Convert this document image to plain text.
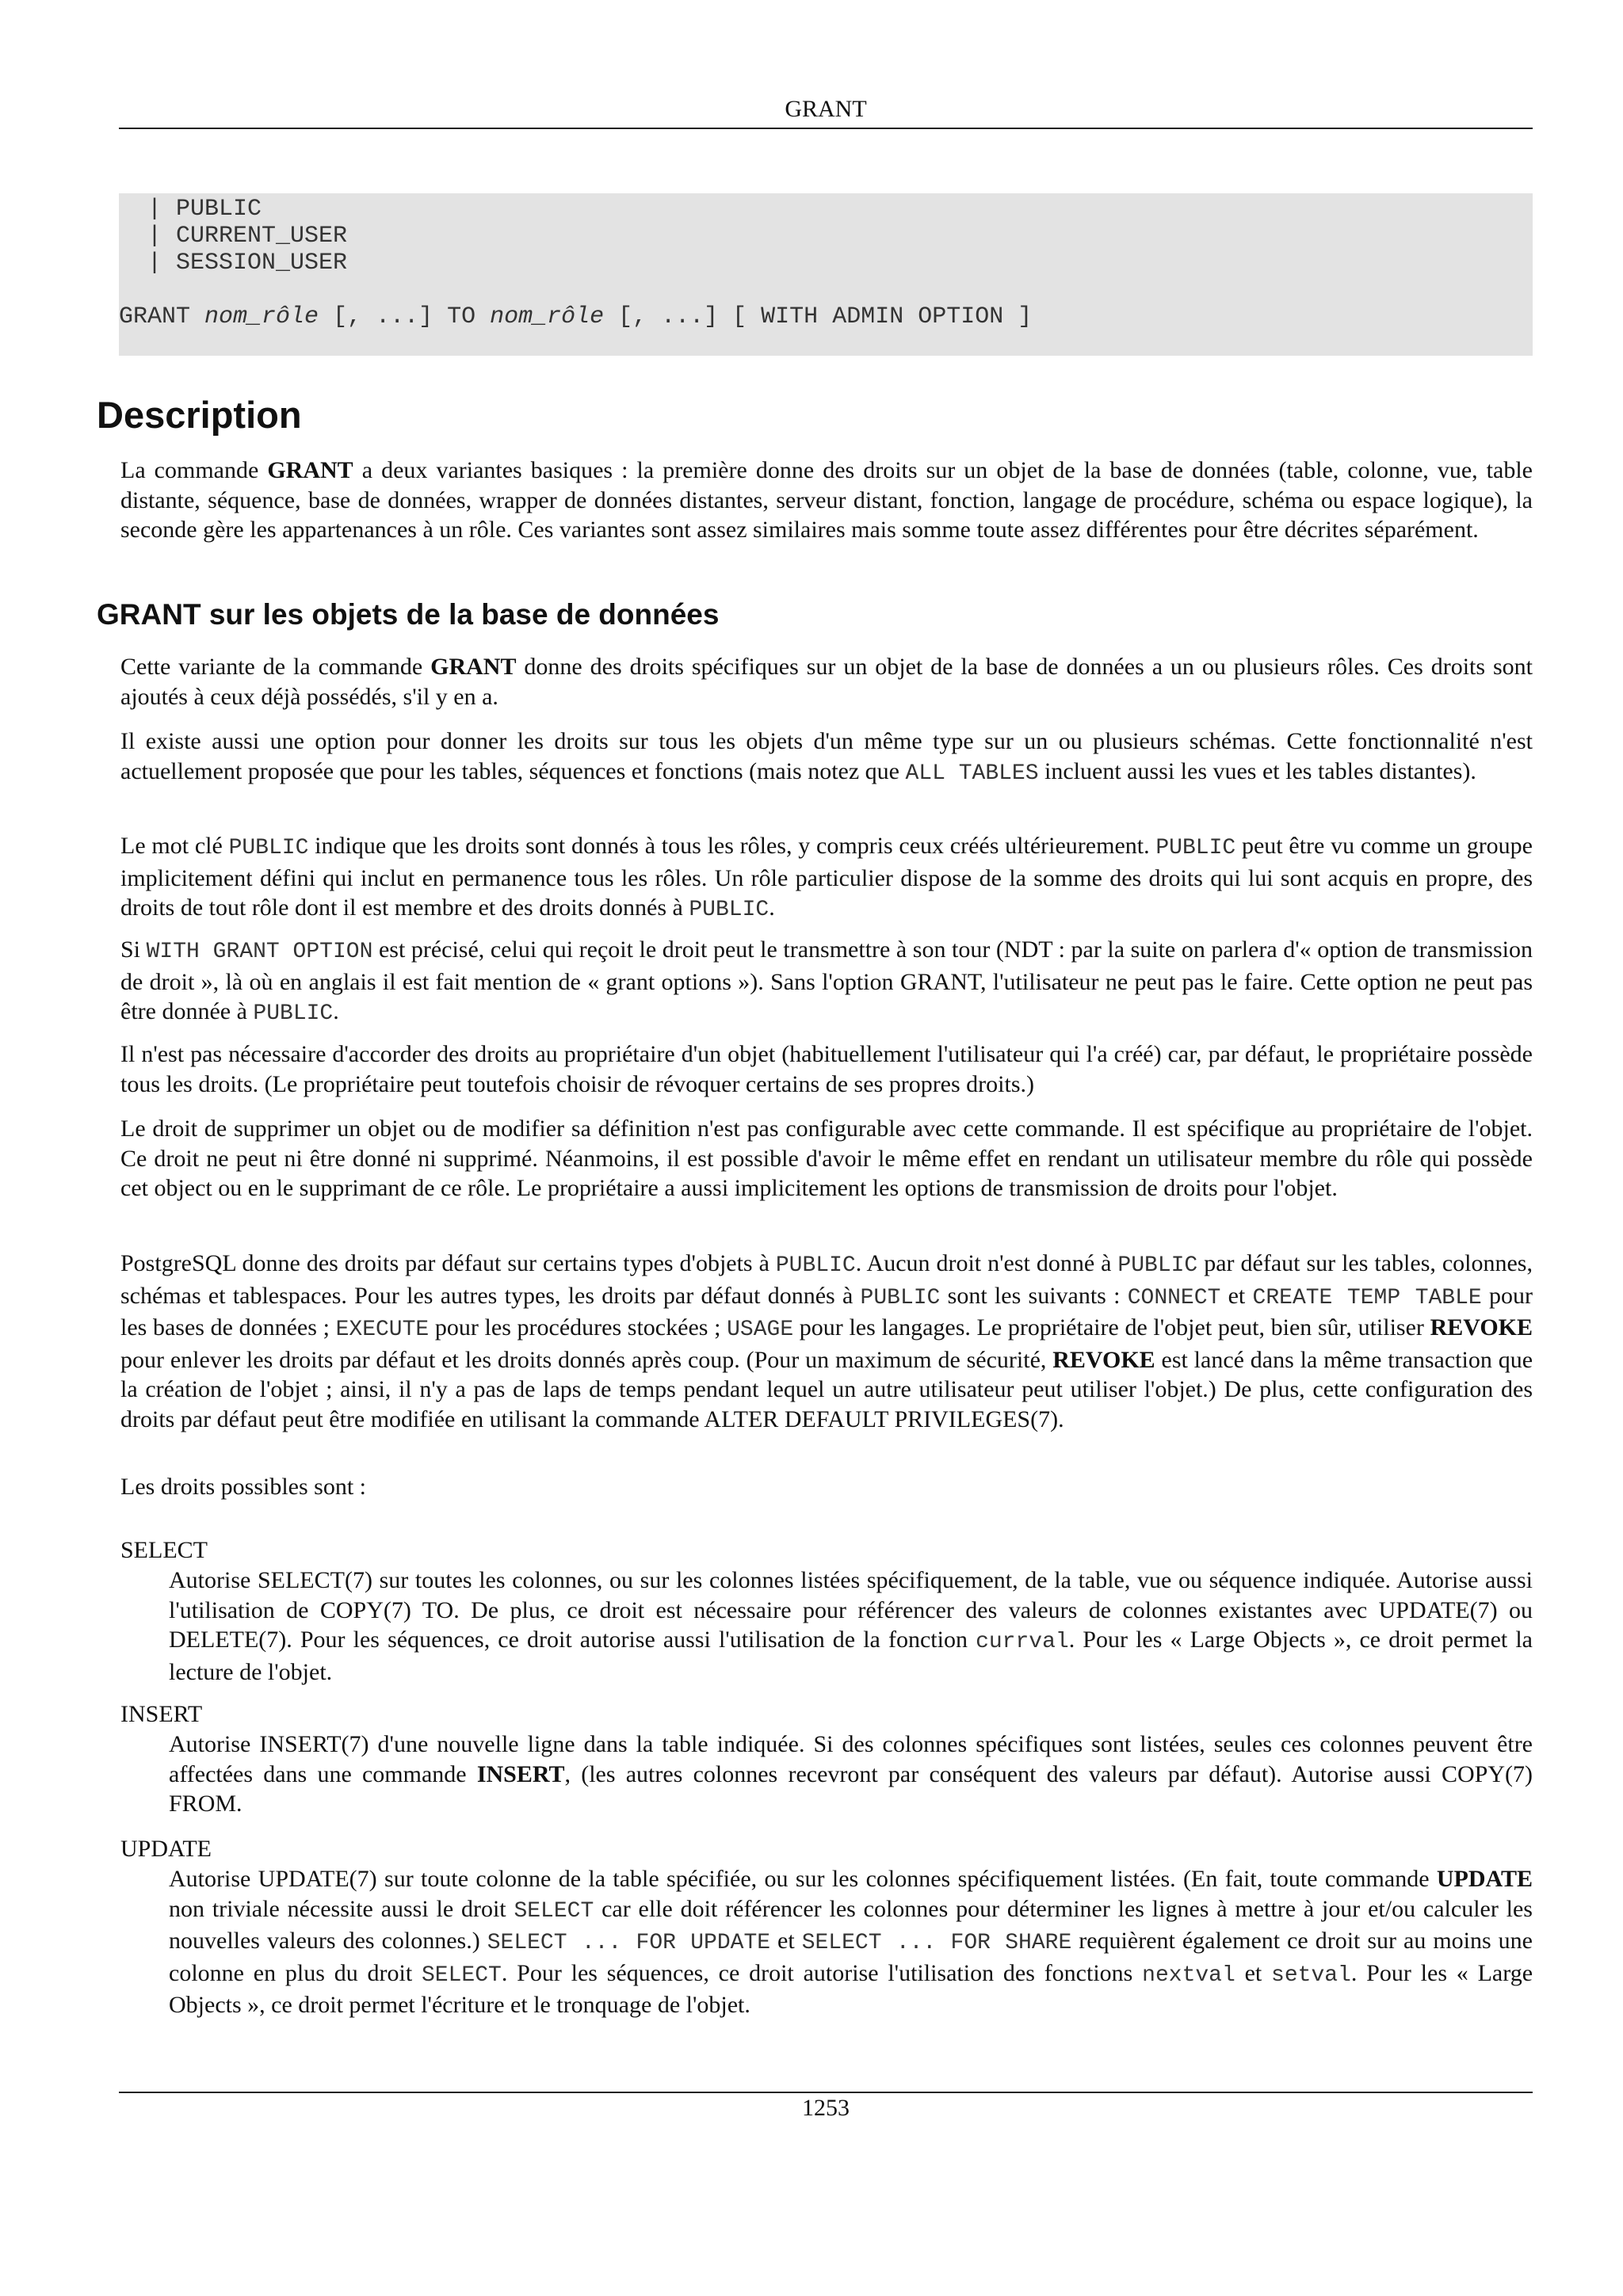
GRANT
| PUBLIC
| CURRENT_USER
| SESSION_USER
GRANT nom_rôle [, ...] TO nom_rôle [, ...] [ WITH ADMIN OPTION ]
Description
La commande GRANT a deux variantes basiques : la première donne des droits sur un objet de la base de données (table, colonne, vue, table distante, séquence, base de données, wrapper de données distantes, serveur distant, fonction, langage de procédure, schéma ou espace logique), la seconde gère les appartenances à un rôle. Ces variantes sont assez similaires mais somme toute assez différentes pour être décrites séparément.
GRANT sur les objets de la base de données
Cette variante de la commande GRANT donne des droits spécifiques sur un objet de la base de données a un ou plusieurs rôles. Ces droits sont ajoutés à ceux déjà possédés, s'il y en a.
Il existe aussi une option pour donner les droits sur tous les objets d'un même type sur un ou plusieurs schémas. Cette fonctionnalité n'est actuellement proposée que pour les tables, séquences et fonctions (mais notez que ALL TABLES incluent aussi les vues et les tables distantes).
Le mot clé PUBLIC indique que les droits sont donnés à tous les rôles, y compris ceux créés ultérieurement. PUBLIC peut être vu comme un groupe implicitement défini qui inclut en permanence tous les rôles. Un rôle particulier dispose de la somme des droits qui lui sont acquis en propre, des droits de tout rôle dont il est membre et des droits donnés à PUBLIC.
Si WITH GRANT OPTION est précisé, celui qui reçoit le droit peut le transmettre à son tour (NDT : par la suite on parlera d'« option de transmission de droit », là où en anglais il est fait mention de « grant options »). Sans l'option GRANT, l'utilisateur ne peut pas le faire. Cette option ne peut pas être donnée à PUBLIC.
Il n'est pas nécessaire d'accorder des droits au propriétaire d'un objet (habituellement l'utilisateur qui l'a créé) car, par défaut, le propriétaire possède tous les droits. (Le propriétaire peut toutefois choisir de révoquer certains de ses propres droits.)
Le droit de supprimer un objet ou de modifier sa définition n'est pas configurable avec cette commande. Il est spécifique au propriétaire de l'objet. Ce droit ne peut ni être donné ni supprimé. Néanmoins, il est possible d'avoir le même effet en rendant un utilisateur membre du rôle qui possède cet object ou en le supprimant de ce rôle. Le propriétaire a aussi implicitement les options de transmission de droits pour l'objet.
PostgreSQL donne des droits par défaut sur certains types d'objets à PUBLIC. Aucun droit n'est donné à PUBLIC par défaut sur les tables, colonnes, schémas et tablespaces. Pour les autres types, les droits par défaut donnés à PUBLIC sont les suivants : CONNECT et CREATE TEMP TABLE pour les bases de données ; EXECUTE pour les procédures stockées ; USAGE pour les langages. Le propriétaire de l'objet peut, bien sûr, utiliser REVOKE pour enlever les droits par défaut et les droits donnés après coup. (Pour un maximum de sécurité, REVOKE est lancé dans la même transaction que la création de l'objet ; ainsi, il n'y a pas de laps de temps pendant lequel un autre utilisateur peut utiliser l'objet.) De plus, cette configuration des droits par défaut peut être modifiée en utilisant la commande ALTER DEFAULT PRIVILEGES(7).
Les droits possibles sont :
SELECT
Autorise SELECT(7) sur toutes les colonnes, ou sur les colonnes listées spécifiquement, de la table, vue ou séquence indiquée. Autorise aussi l'utilisation de COPY(7) TO. De plus, ce droit est nécessaire pour référencer des valeurs de colonnes existantes avec UPDATE(7) ou DELETE(7). Pour les séquences, ce droit autorise aussi l'utilisation de la fonction currval. Pour les « Large Objects », ce droit permet la lecture de l'objet.
INSERT
Autorise INSERT(7) d'une nouvelle ligne dans la table indiquée. Si des colonnes spécifiques sont listées, seules ces colonnes peuvent être affectées dans une commande INSERT, (les autres colonnes recevront par conséquent des valeurs par défaut). Autorise aussi COPY(7) FROM.
UPDATE
Autorise UPDATE(7) sur toute colonne de la table spécifiée, ou sur les colonnes spécifiquement listées. (En fait, toute commande UPDATE non triviale nécessite aussi le droit SELECT car elle doit référencer les colonnes pour déterminer les lignes à mettre à jour et/ou calculer les nouvelles valeurs des colonnes.) SELECT ... FOR UPDATE et SELECT ... FOR SHARE requièrent également ce droit sur au moins une colonne en plus du droit SELECT. Pour les séquences, ce droit autorise l'utilisation des fonctions nextval et setval. Pour les « Large Objects », ce droit permet l'écriture et le tronquage de l'objet.
1253
